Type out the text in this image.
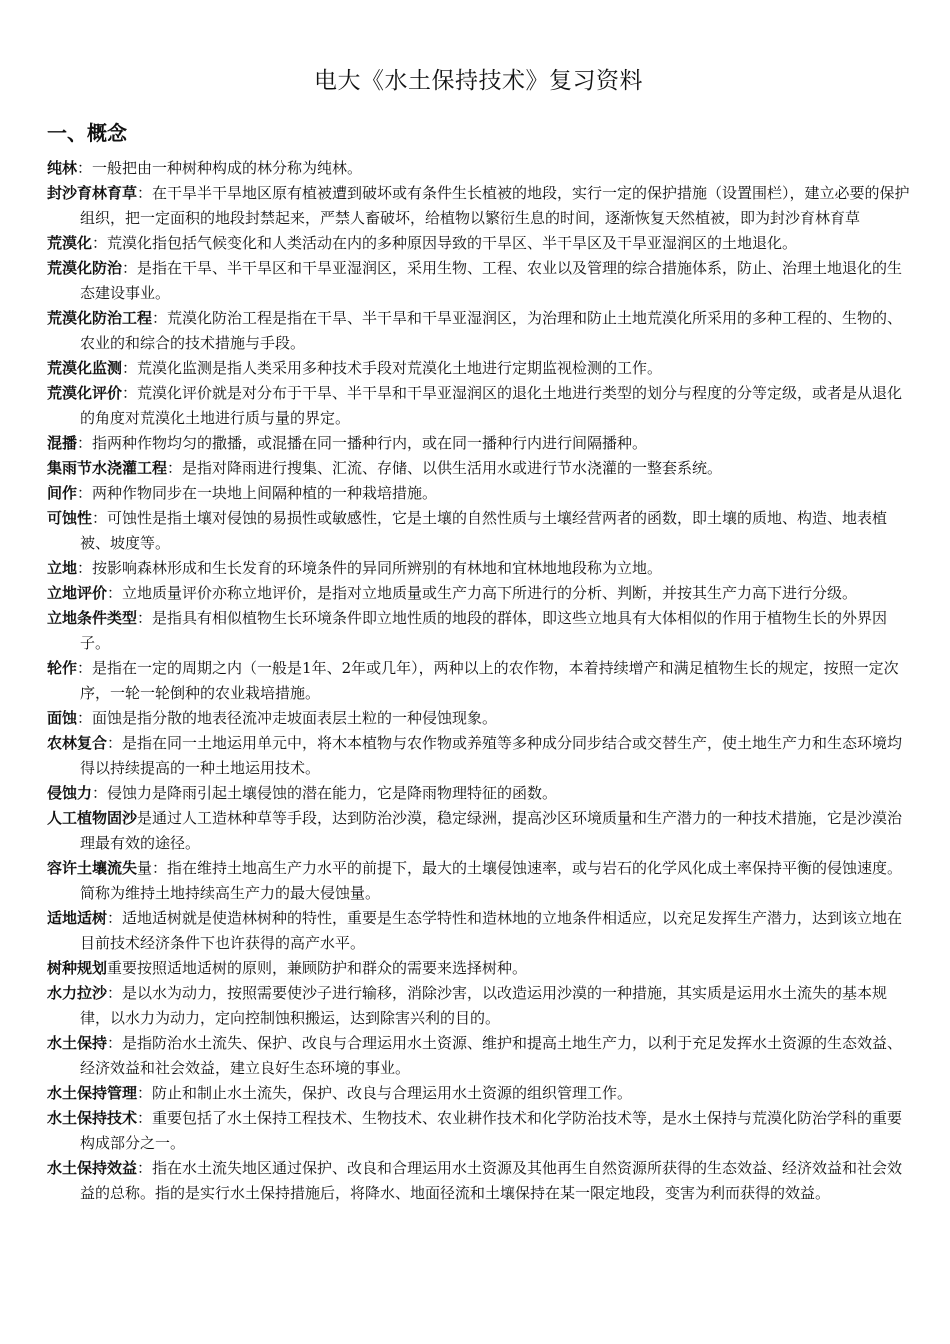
电大《水土保持技术》复习资料
一、概念

纯林：一般把由一种树种构成的林分称为纯林。

封沙育林育草：在干旱半干旱地区原有植被遭到破坏或有条件生长植被的地段，实行一定的保护措施（设置围栏），建立必要的保护组织，把一定面积的地段封禁起来，严禁人畜破坏，给植物以繁衍生息的时间，逐渐恢复天然植被，即为封沙育林育草

荒漠化：荒漠化指包括气候变化和人类活动在内的多种原因导致的干旱区、半干旱区及干旱亚湿润区的土地退化。

荒漠化防治：是指在干旱、半干旱区和干旱亚湿润区，采用生物、工程、农业以及管理的综合措施体系，防止、治理土地退化的生态建设事业。

荒漠化防治工程：荒漠化防治工程是指在干旱、半干旱和干旱亚湿润区，为治理和防止土地荒漠化所采用的多种工程的、生物的、农业的和综合的技术措施与手段。

荒漠化监测：荒漠化监测是指人类采用多种技术手段对荒漠化土地进行定期监视检测的工作。

荒漠化评价：荒漠化评价就是对分布于干旱、半干旱和干旱亚湿润区的退化土地进行类型的划分与程度的分等定级，或者是从退化的角度对荒漠化土地进行质与量的界定。

混播：指两种作物均匀的撒播，或混播在同一播种行内，或在同一播种行内进行间隔播种。

集雨节水浇灌工程：是指对降雨进行搜集、汇流、存储、以供生活用水或进行节水浇灌的一整套系统。

间作：两种作物同步在一块地上间隔种植的一种栽培措施。

可蚀性：可蚀性是指土壤对侵蚀的易损性或敏感性，它是土壤的自然性质与土壤经营两者的函数，即土壤的质地、构造、地表植被、坡度等。

立地：按影响森林形成和生长发育的环境条件的异同所辨别的有林地和宜林地地段称为立地。

立地评价：立地质量评价亦称立地评价，是指对立地质量或生产力高下所进行的分析、判断，并按其生产力高下进行分级。

立地条件类型：是指具有相似植物生长环境条件即立地性质的地段的群体，即这些立地具有大体相似的作用于植物生长的外界因子。

轮作：是指在一定的周期之内（一般是1年、2年或几年），两种以上的农作物，本着持续增产和满足植物生长的规定，按照一定次序，一轮一轮倒种的农业栽培措施。

面蚀：面蚀是指分散的地表径流冲走坡面表层土粒的一种侵蚀现象。

农林复合：是指在同一土地运用单元中，将木本植物与农作物或养殖等多种成分同步结合或交替生产，使土地生产力和生态环境均得以持续提高的一种土地运用技术。

侵蚀力：侵蚀力是降雨引起土壤侵蚀的潜在能力，它是降雨物理特征的函数。

人工植物固沙是通过人工造林种草等手段，达到防治沙漠，稳定绿洲，提高沙区环境质量和生产潜力的一种技术措施，它是沙漠治理最有效的途径。

容许土壤流失量：指在维持土地高生产力水平的前提下，最大的土壤侵蚀速率，或与岩石的化学风化成土率保持平衡的侵蚀速度。简称为维持土地持续高生产力的最大侵蚀量。

适地适树：适地适树就是使造林树种的特性，重要是生态学特性和造林地的立地条件相适应，以充足发挥生产潜力，达到该立地在目前技术经济条件下也许获得的高产水平。

树种规划重要按照适地适树的原则，兼顾防护和群众的需要来选择树种。

水力拉沙：是以水为动力，按照需要使沙子进行输移，消除沙害，以改造运用沙漠的一种措施，其实质是运用水土流失的基本规律，以水力为动力，定向控制蚀积搬运，达到除害兴利的目的。

水土保持：是指防治水土流失、保护、改良与合理运用水土资源、维护和提高土地生产力，以利于充足发挥水土资源的生态效益、经济效益和社会效益，建立良好生态环境的事业。

水土保持管理：防止和制止水土流失，保护、改良与合理运用水土资源的组织管理工作。

水土保持技术：重要包括了水土保持工程技术、生物技术、农业耕作技术和化学防治技术等，是水土保持与荒漠化防治学科的重要构成部分之一。

水土保持效益：指在水土流失地区通过保护、改良和合理运用水土资源及其他再生自然资源所获得的生态效益、经济效益和社会效益的总称。指的是实行水土保持措施后，将降水、地面径流和土壤保持在某一限定地段，变害为利而获得的效益。
